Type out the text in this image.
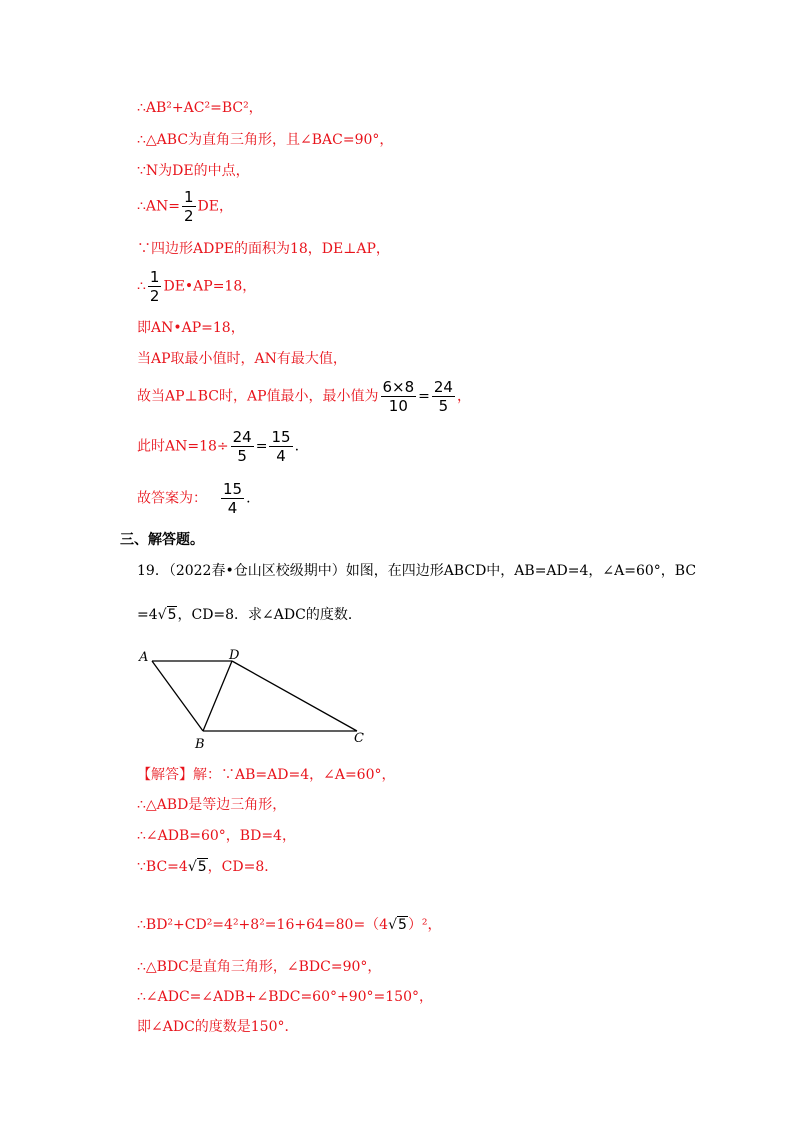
∴AB²+AC²=BC²，
∴△ABC为直角三角形，且∠BAC=90°，
∵N为DE的中点，
∴AN= $\frac{1}{2}$ DE，
∵四边形ADPE的面积为18，DE⊥AP，
∴ $\frac{1}{2}$ DE•AP=18，
即AN•AP=18，
当AP取最小值时，AN有最大值，
故当AP⊥BC时，AP值最小，最小值为 $\frac{6\times 8}{10} = \frac{24}{5}$ ，
此时$AN=18\div \frac{24}{5} = \frac{15}{4}$ .
故答案为： $\frac{15}{4}$ .
三、解答题。
19．（2022春•仓山区校级期中）如图，在四边形ABCD中，AB=AD=4，∠A=60°，BC
=4√5，CD=8．求∠ADC的度数．
A	D
B	C
【解答】解：∵AB=AD=4，∠A=60°，
∴△ABD是等边三角形，
∴∠ADB=60°，BD=4，
∵BC=4√5，CD=8．
∴BD²+CD²=4²+8²=16+64=80=（4√5）²，
∴△BDC是直角三角形，∠BDC=90°，
∴∠ADC=∠ADB+∠BDC=60°+90°=150°，
即∠ADC的度数是150°．
